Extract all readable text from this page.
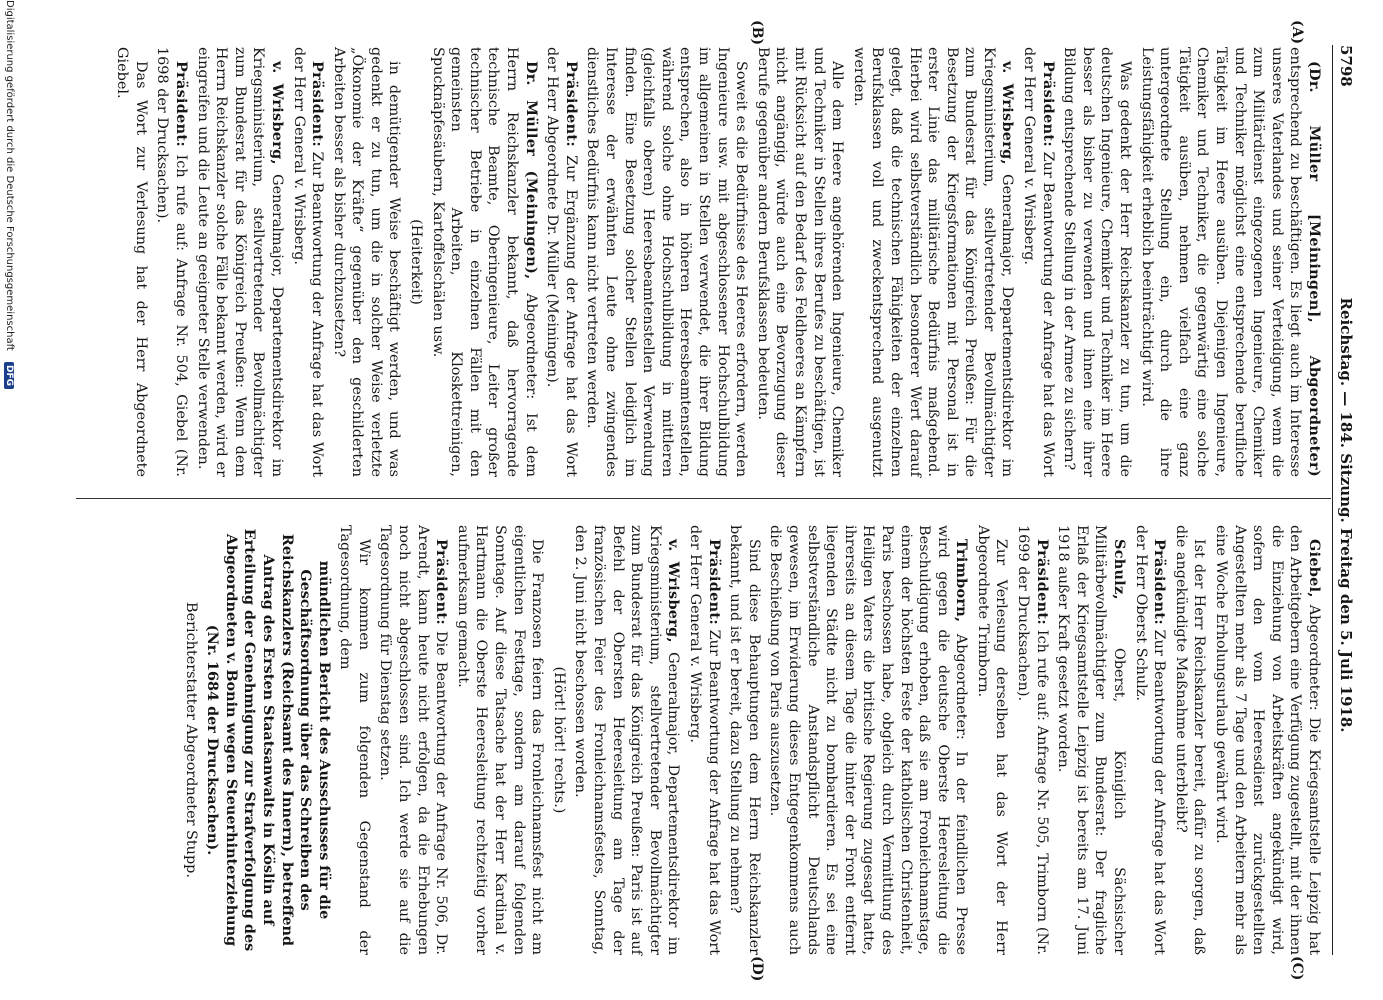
5798
Reichstag. — 184. Sitzung. Freitag den 5. Juli 1918.
(A)
(B)
(C)
(D)

(Dr. Müller [Meiningen], Abgeordneter) entsprechend zu beschäftigen. Es liegt auch im Interesse unseres Vaterlandes und seiner Verteidigung, wenn die zum Militärdienst eingezogenen Ingenieure, Chemiker und Techniker möglichst eine entsprechende berufliche Tätigkeit im Heere ausüben. Diejenigen Ingenieure, Chemiker und Techniker, die gegenwärtig eine solche Tätigkeit ausüben, nehmen vielfach eine ganz untergeordnete Stellung ein, durch die ihre Leistungsfähigkeit erheblich beeinträchtigt wird.

Was gedenkt der Herr Reichskanzler zu tun, um die deutschen Ingenieure, Chemiker und Techniker im Heere besser als bisher zu verwenden und ihnen eine ihrer Bildung entsprechende Stellung in der Armee zu sichern?

Präsident: Zur Beantwortung der Anfrage hat das Wort der Herr General v. Wrisberg.

v. Wrisberg, Generalmajor, Departementsdirektor im Kriegsministerium, stellvertretender Bevollmächtigter zum Bundesrat für das Königreich Preußen: Für die Besetzung der Kriegsformationen mit Personal ist in erster Linie das militärische Bedürfnis maßgebend. Hierbei wird selbstverständlich besonderer Wert darauf gelegt, daß die technischen Fähigkeiten der einzelnen Berufsklassen voll und zweckentsprechend ausgenutzt werden.

Alle dem Heere angehörenden Ingenieure, Chemiker und Techniker in Stellen ihres Berufes zu beschäftigen, ist mit Rücksicht auf den Bedarf des Feldheeres an Kämpfern nicht angängig, würde auch eine Bevorzugung dieser Berufe gegenüber andern Berufsklassen bedeuten.

Soweit es die Bedürfnisse des Heeres erfordern, werden Ingenieure usw. mit abgeschlossener Hochschulbildung im allgemeinen in Stellen verwendet, die ihrer Bildung entsprechen, also in höheren Heeresbeamtenstellen, während solche ohne Hochschulbildung in mittleren (gleichfalls oberen) Heeresbeamtenstellen Verwendung finden. Eine Besetzung solcher Stellen lediglich im Interesse der erwähnten Leute ohne zwingendes dienstliches Bedürfnis kann nicht vertreten werden.

Präsident: Zur Ergänzung der Anfrage hat das Wort der Herr Abgeordnete Dr. Müller (Meiningen).

Dr. Müller (Meiningen), Abgeordneter: Ist dem Herrn Reichskanzler bekannt, daß hervorragende technische Beamte, Oberingenieure, Leiter großer technischer Betriebe in einzelnen Fällen mit den gemeinsten Arbeiten, Kloskettreinigen, Spucknäpfesäubern, Kartoffelschälen usw.

(Heiterkeit)

in demütigender Weise beschäftigt werden, und was gedenkt er zu tun, um die in solcher Weise verletzte „Ökonomie der Kräfte“ gegenüber den geschilderten Arbeiten besser als bisher durchzusetzen?

Präsident: Zur Beantwortung der Anfrage hat das Wort der Herr General v. Wrisberg.

v. Wrisberg, Generalmajor, Departementsdirektor im Kriegsministerium, stellvertretender Bevollmächtigter zum Bundesrat für das Königreich Preußen: Wenn dem Herrn Reichskanzler solche Fälle bekannt werden, wird er eingreifen und die Leute an geeigneter Stelle verwenden.

Präsident: Ich rufe auf: Anfrage Nr. 504, Giebel (Nr. 1698 der Drucksachen).

Das Wort zur Verlesung hat der Herr Abgeordnete Giebel.

Giebel, Abgeordneter: Die Kriegsamtstelle Leipzig hat den Arbeitgebern eine Verfügung zugestellt, mit der ihnen die Einziehung von Arbeitskräften angekündigt wird, sofern den vom Heeresdienst zurückgestellten Angestellten mehr als 7 Tage und den Arbeitern mehr als eine Woche Erholungsurlaub gewährt wird.

Ist der Herr Reichskanzler bereit, dafür zu sorgen, daß die angekündigte Maßnahme unterbleibt?

Präsident: Zur Beantwortung der Anfrage hat das Wort der Herr Oberst Schulz.

Schulz, Oberst, Königlich Sächsischer Militärbevollmächtigter zum Bundesrat: Der fragliche Erlaß der Kriegsamtstelle Leipzig ist bereits am 17. Juni 1918 außer Kraft gesetzt worden.

Präsident: Ich rufe auf: Anfrage Nr. 505, Trimborn (Nr. 1699 der Drucksachen).

Zur Verlesung derselben hat das Wort der Herr Abgeordnete Trimborn.

Trimborn, Abgeordneter: In der feindlichen Presse wird gegen die deutsche Oberste Heeresleitung die Beschuldigung erhoben, daß sie am Fronleichnamstage, einem der höchsten Feste der katholischen Christenheit, Paris beschossen habe, obgleich durch Vermittlung des Heiligen Vaters die britische Regierung zugesagt hatte, ihrerseits an diesem Tage die hinter der Front entfernt liegenden Städte nicht zu bombardieren. Es sei eine selbstverständliche Anstandspflicht Deutschlands gewesen, im Erwiderung dieses Entgegenkommens auch die Beschießung von Paris auszusetzen.

Sind diese Behauptungen dem Herrn Reichskanzler bekannt, und ist er bereit, dazu Stellung zu nehmen?

Präsident: Zur Beantwortung der Anfrage hat das Wort der Herr General v. Wrisberg.

v. Wrisberg, Generalmajor, Departementsdirektor im Kriegsministerium, stellvertretender Bevollmächtigter zum Bundesrat für das Königreich Preußen: Paris ist auf Befehl der Obersten Heeresleitung am Tage der französischen Feier des Fronleichnamsfestes, Sonntag, den 2. Juni nicht beschossen worden.

(Hört! hört! rechts.)

Die Franzosen feiern das Fronleichnamsfest nicht am eigentlichen Festtage, sondern am darauf folgenden Sonntage. Auf diese Tatsache hat der Herr Kardinal v. Hartmann die Oberste Heeresleitung rechtzeitig vorher aufmerksam gemacht.

Präsident: Die Beantwortung der Anfrage Nr. 506, Dr. Arendt, kann heute nicht erfolgen, da die Erhebungen noch nicht abgeschlossen sind. Ich werde sie auf die Tagesordnung für Dienstag setzen.

Wir kommen zum folgenden Gegenstand der Tagesordnung, dem

mündlichen Bericht des Ausschusses für die Geschäftsordnung über das Schreiben des Reichskanzlers (Reichsamt des Innern), betreffend Antrag des Ersten Staatsanwalts in Köslin auf Erteilung der Genehmigung zur Strafverfolgung des Abgeordneten v. Bonin wegen Steuerhinterziehung (Nr. 1684 der Drucksachen).

Berichterstatter Abgeordneter Stupp.

Digitalisierung gefördert durch die Deutsche Forschungsgemeinschaft DFG
